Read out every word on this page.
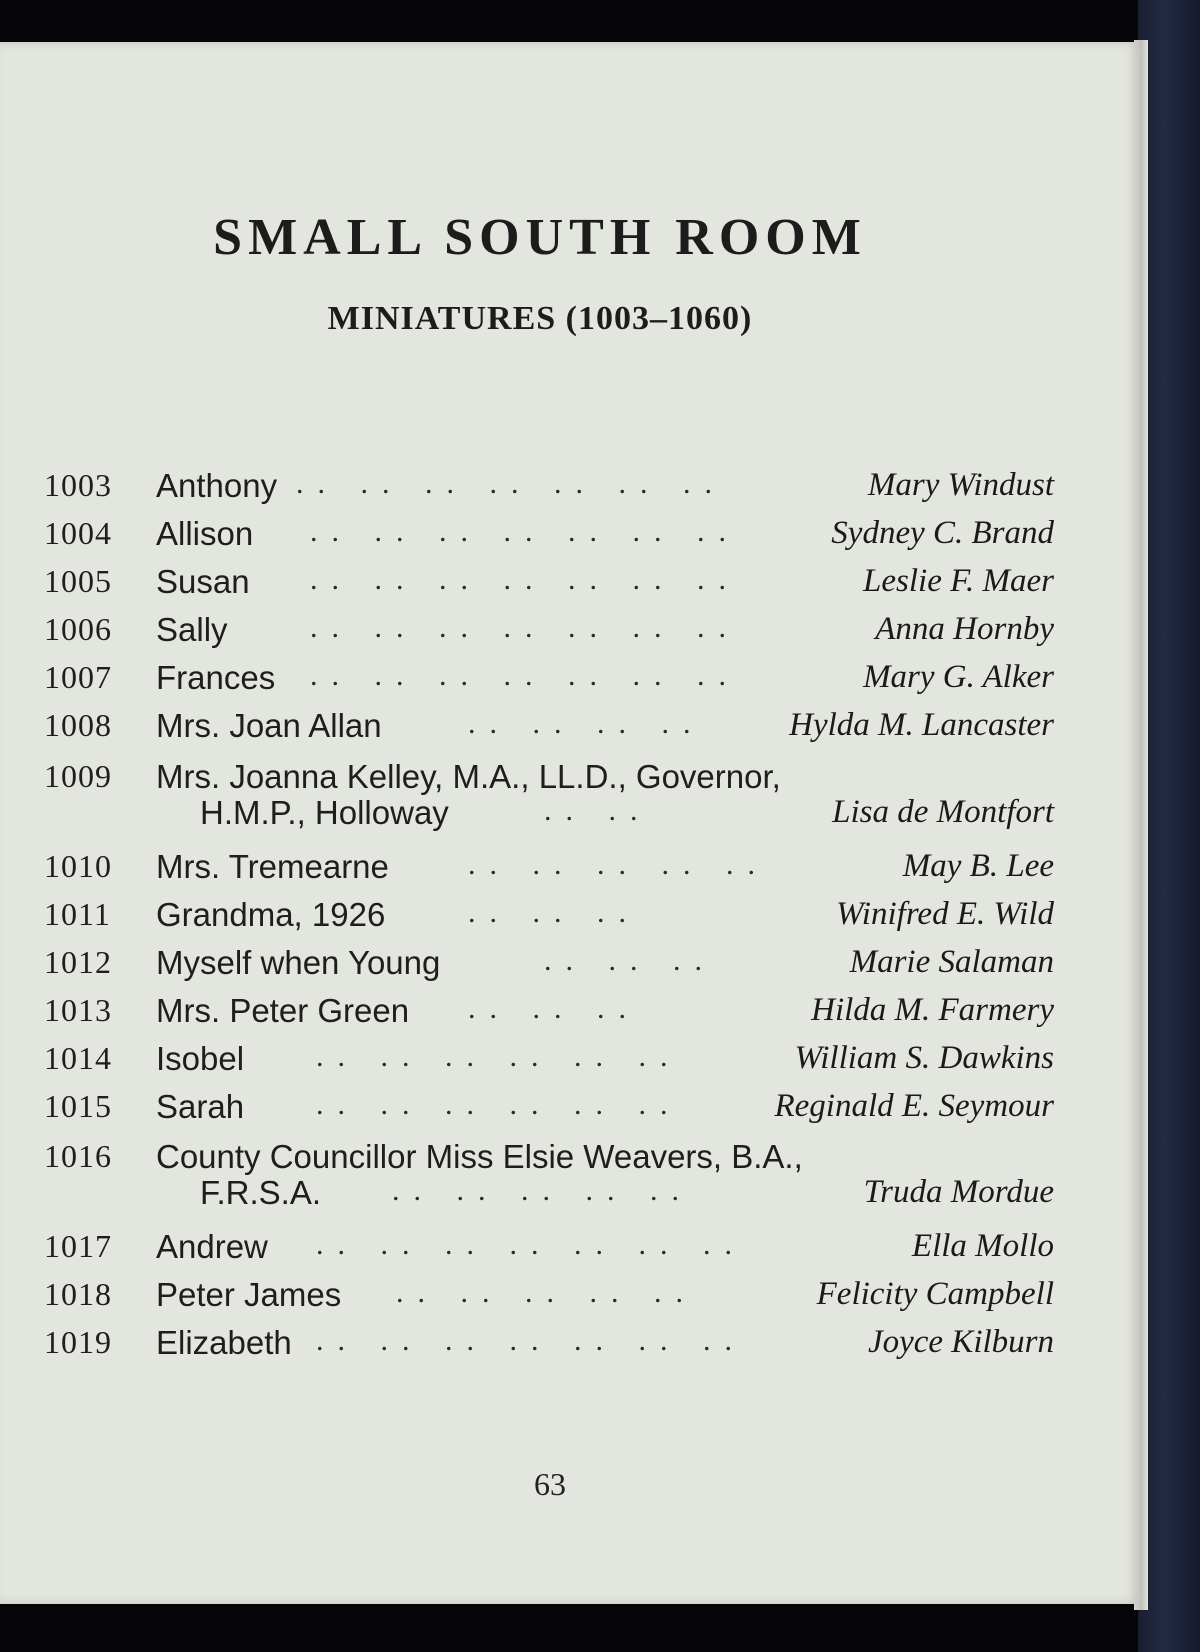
SMALL SOUTH ROOM
MINIATURES (1003–1060)
1003 Anthony .. .. .. .. .. .. ..	Mary Windust
1004 Allison .. .. .. .. .. .. ..	Sydney C. Brand
1005 Susan .. .. .. .. .. .. ..	Leslie F. Maer
1006 Sally	.. .. .. .. .. .. ..	Anna Hornby
1007 Frances .. .. .. .. .. .. ..	Mary G. Alker
1008 Mrs. Joan Allan	.. .. .. ..	Hylda M. Lancaster
1009 Mrs. Joanna Kelley, M.A., LL.D., Governor,
H.M.P., Holloway	.. ..	Lisa de Montfort
1010 Mrs. Tremearne	.. .. .. .. ..	May B. Lee
1011 Grandma, 1926	.. .. ..	Winifred E. Wild
1012 Myself when Young	.. .. ..	Marie Salaman
1013 Mrs. Peter Green .. .. ..	Hilda M. Farmery
1014 Isobel .. .. .. .. .. ..	William S. Dawkins
1015 Sarah .. .. .. .. .. ..	Reginald E. Seymour
1016 County Councillor Miss Elsie Weavers, B.A.,
F.R.S.A. .. .. .. .. ..	Truda Mordue
1017 Andrew .. .. .. .. .. .. ..	Ella Mollo
1018 Peter James .. .. .. .. ..	Felicity Campbell
1019 Elizabeth .. .. .. .. .. .. ..	Joyce Kilburn
63
